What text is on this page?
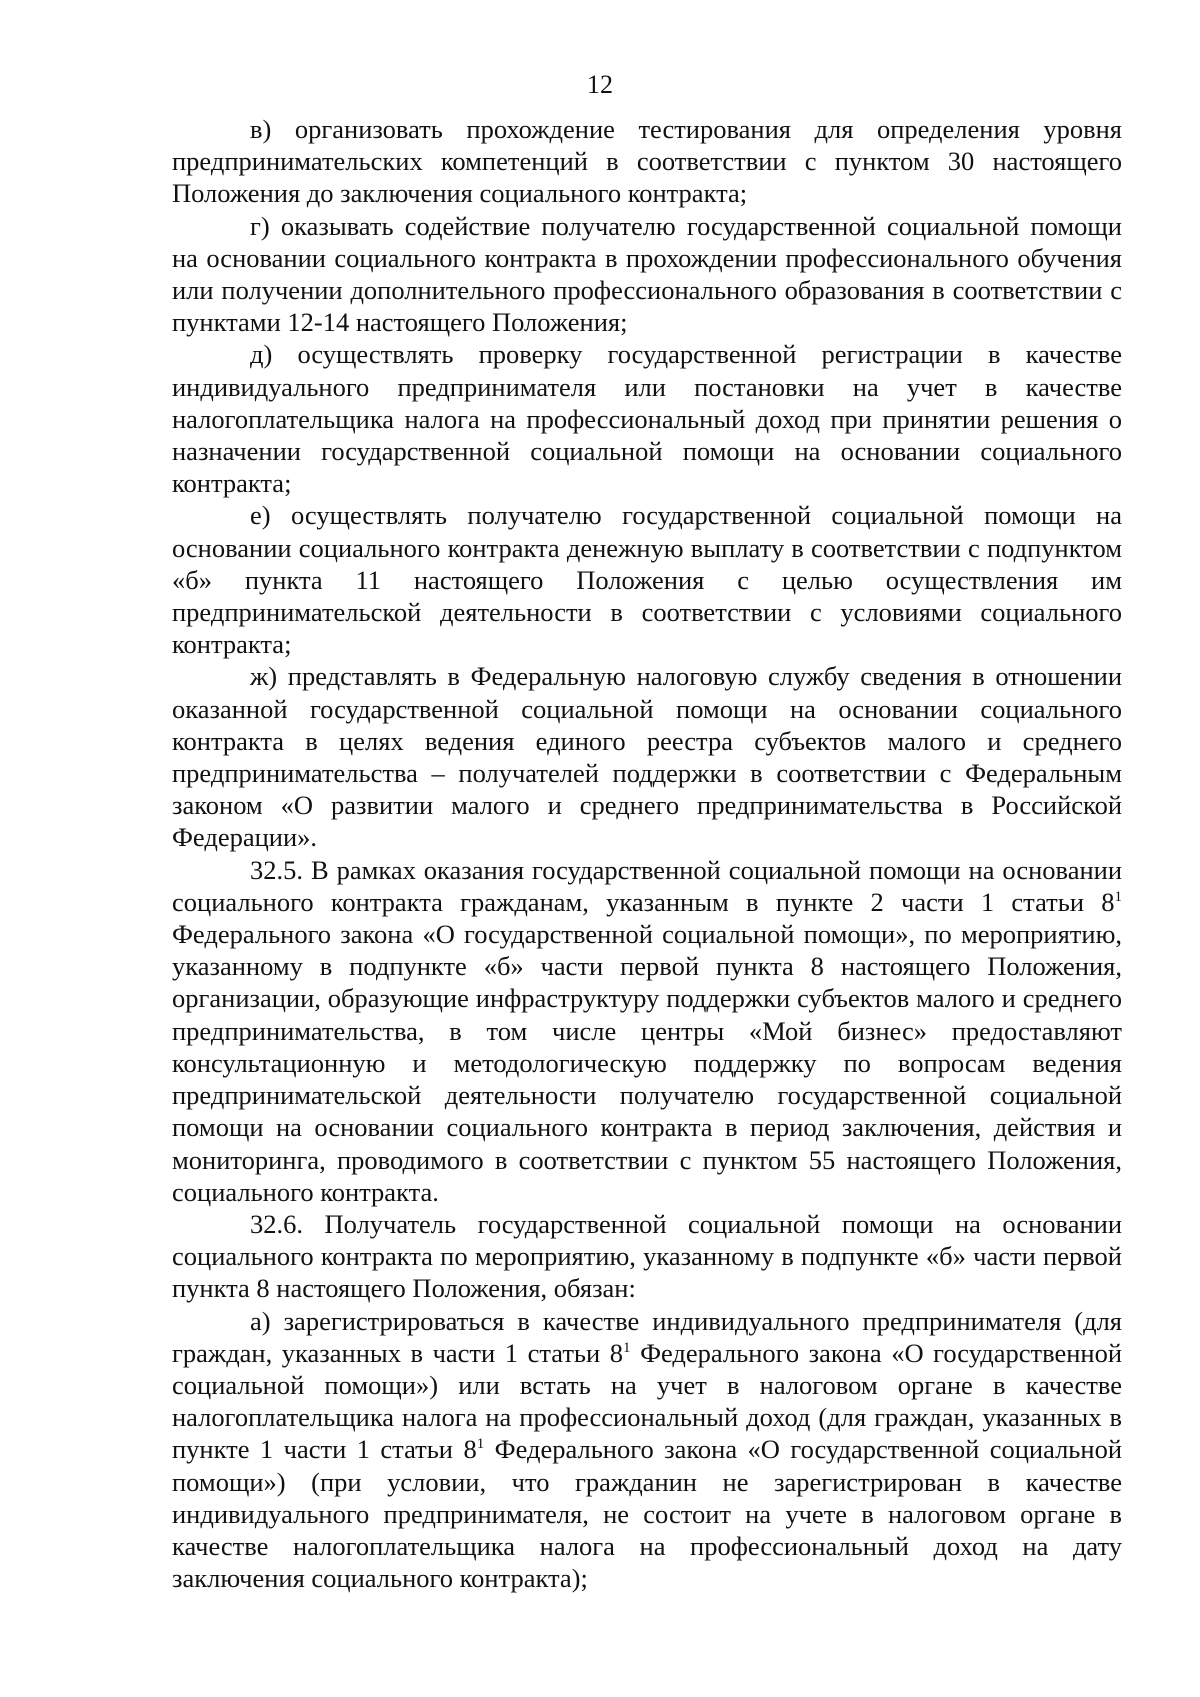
12

в) организовать прохождение тестирования для определения уровня предпринимательских компетенций в соответствии с пунктом 30 настоящего Положения до заключения социального контракта;

г) оказывать содействие получателю государственной социальной помощи на основании социального контракта в прохождении профессионального обучения или получении дополнительного профессионального образования в соответствии с пунктами 12-14 настоящего Положения;

д) осуществлять проверку государственной регистрации в качестве индивидуального предпринимателя или постановки на учет в качестве налогоплательщика налога на профессиональный доход при принятии решения о назначении государственной социальной помощи на основании социального контракта;

е) осуществлять получателю государственной социальной помощи на основании социального контракта денежную выплату в соответствии с подпунктом «б» пункта 11 настоящего Положения с целью осуществления им предпринимательской деятельности в соответствии с условиями социального контракта;

ж) представлять в Федеральную налоговую службу сведения в отношении оказанной государственной социальной помощи на основании социального контракта в целях ведения единого реестра субъектов малого и среднего предпринимательства – получателей поддержки в соответствии с Федеральным законом «О развитии малого и среднего предпринимательства в Российской Федерации».

32.5. В рамках оказания государственной социальной помощи на основании социального контракта гражданам, указанным в пункте 2 части 1 статьи $8^1$ Федерального закона «О государственной социальной помощи», по мероприятию, указанному в подпункте «б» части первой пункта 8 настоящего Положения, организации, образующие инфраструктуру поддержки субъектов малого и среднего предпринимательства, в том числе центры «Мой бизнес» предоставляют консультационную и методологическую поддержку по вопросам ведения предпринимательской деятельности получателю государственной социальной помощи на основании социального контракта в период заключения, действия и мониторинга, проводимого в соответствии с пунктом 55 настоящего Положения, социального контракта.

32.6. Получатель государственной социальной помощи на основании социального контракта по мероприятию, указанному в подпункте «б» части первой пункта 8 настоящего Положения, обязан:

а) зарегистрироваться в качестве индивидуального предпринимателя (для граждан, указанных в части 1 статьи $8^1$ Федерального закона «О государственной социальной помощи») или встать на учет в налоговом органе в качестве налогоплательщика налога на профессиональный доход (для граждан, указанных в пункте 1 части 1 статьи $8^1$ Федерального закона «О государственной социальной помощи») (при условии, что гражданин не зарегистрирован в качестве индивидуального предпринимателя, не состоит на учете в налоговом органе в качестве налогоплательщика налога на профессиональный доход на дату заключения социального контракта);
